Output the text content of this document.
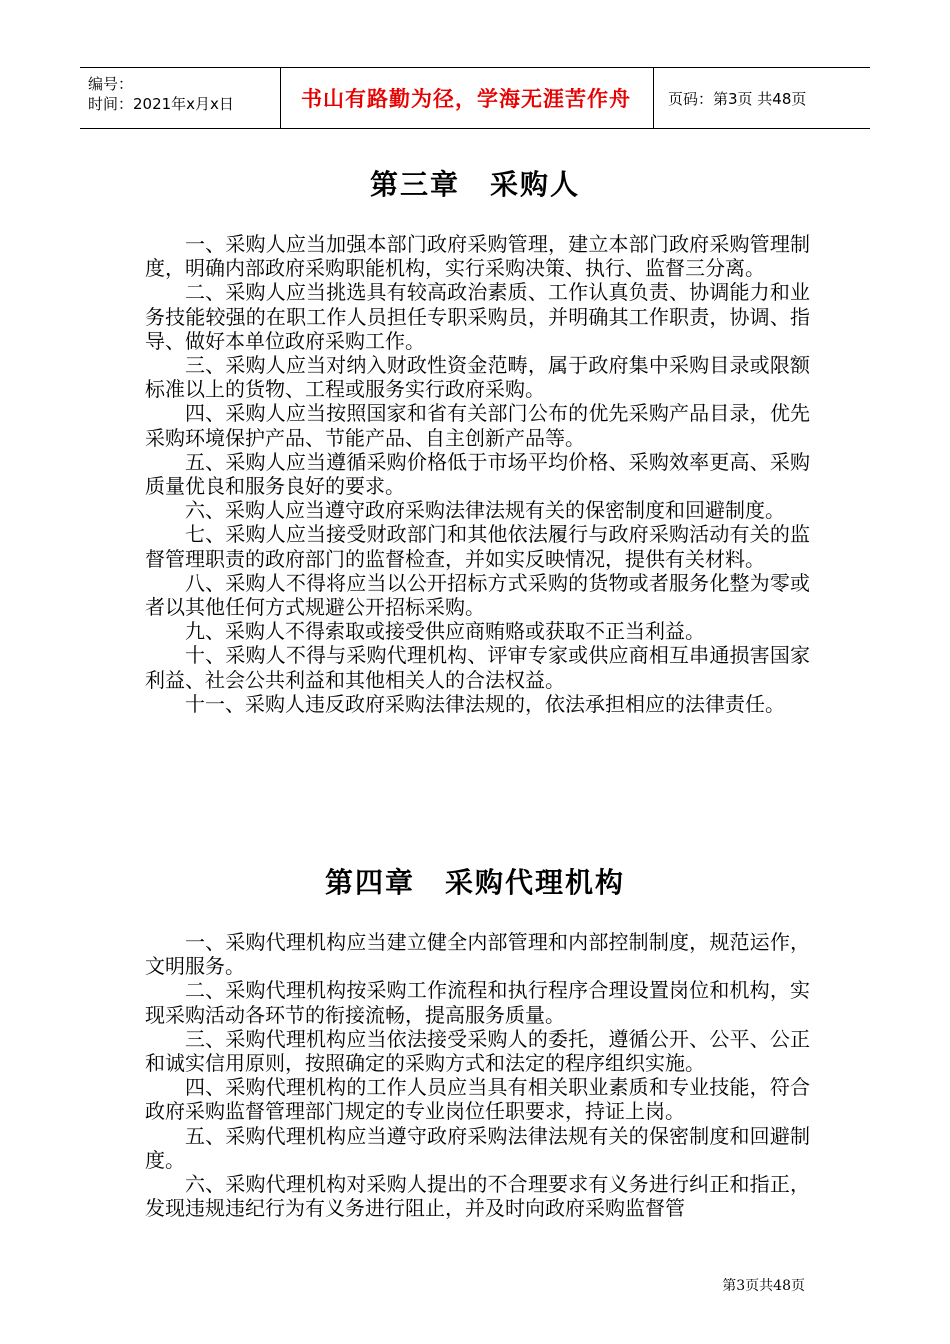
编号：
时间：2021年x月x日	书山有路勤为径，学海无涯苦作舟	页码：第3页 共48页
第三章　采购人

一、采购人应当加强本部门政府采购管理，建立本部门政府采购管理制度，明确内部政府采购职能机构，实行采购决策、执行、监督三分离。

二、采购人应当挑选具有较高政治素质、工作认真负责、协调能力和业务技能较强的在职工作人员担任专职采购员，并明确其工作职责，协调、指导、做好本单位政府采购工作。

三、采购人应当对纳入财政性资金范畴，属于政府集中采购目录或限额标准以上的货物、工程或服务实行政府采购。

四、采购人应当按照国家和省有关部门公布的优先采购产品目录，优先采购环境保护产品、节能产品、自主创新产品等。

五、采购人应当遵循采购价格低于市场平均价格、采购效率更高、采购质量优良和服务良好的要求。

六、采购人应当遵守政府采购法律法规有关的保密制度和回避制度。

七、采购人应当接受财政部门和其他依法履行与政府采购活动有关的监督管理职责的政府部门的监督检查，并如实反映情况，提供有关材料。

八、采购人不得将应当以公开招标方式采购的货物或者服务化整为零或者以其他任何方式规避公开招标采购。

九、采购人不得索取或接受供应商贿赂或获取不正当利益。

十、采购人不得与采购代理机构、评审专家或供应商相互串通损害国家利益、社会公共利益和其他相关人的合法权益。

十一、采购人违反政府采购法律法规的，依法承担相应的法律责任。

第四章　采购代理机构

一、采购代理机构应当建立健全内部管理和内部控制制度，规范运作，文明服务。

二、采购代理机构按采购工作流程和执行程序合理设置岗位和机构，实现采购活动各环节的衔接流畅，提高服务质量。

三、采购代理机构应当依法接受采购人的委托，遵循公开、公平、公正和诚实信用原则，按照确定的采购方式和法定的程序组织实施。

四、采购代理机构的工作人员应当具有相关职业素质和专业技能，符合政府采购监督管理部门规定的专业岗位任职要求，持证上岗。

五、采购代理机构应当遵守政府采购法律法规有关的保密制度和回避制度。

六、采购代理机构对采购人提出的不合理要求有义务进行纠正和指正，发现违规违纪行为有义务进行阻止，并及时向政府采购监督管

第3页共48页
